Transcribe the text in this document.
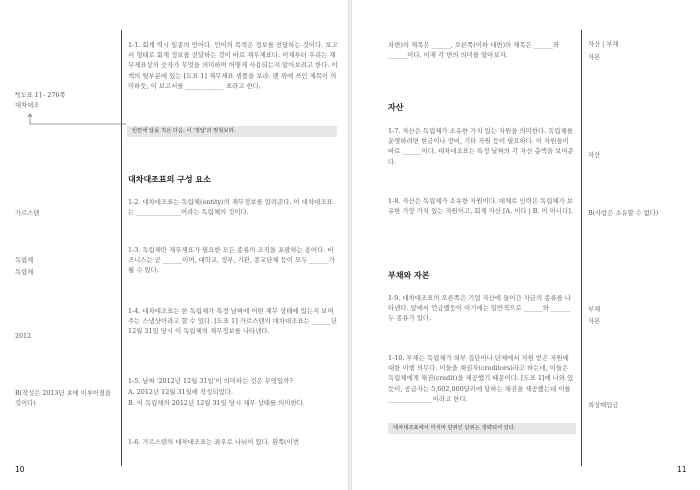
1-1. 회계 역시 일종의 언어다. 언어의 목적은 정보를 전달하는 것이다. 보고서 형태로 회계 정보를 전달하는 것이 바로 재무제표다. 이제부터 우리는 재무제표상의 숫자가 무엇을 의미하며 어떻게 사용되는지 알아보려고 한다. 이 책의 뒷부분에 있는 [도표 1] 재무제표 샘플을 보라. 맨 위에 쓰인 제목이 의미하듯, 이 보고서를 ____________ 표라고 한다.

*[도표 1] - 276쪽

대차대조

빈칸에 답을 적은 다음, 이 '정답'과 맞춰보라.

대차대조표의 구성 요소

1-2. 대차대조표는 독립체(entity)의 재무정보를 알려준다. 이 대차대조표는 ______________이라는 독립체의 것이다.

가르스텐

1-3. 독립체란 재무제표가 필요한 모든 종류의 조직을 포괄하는 용어다. 비즈니스는 곧 ______이며, 대학교, 정부, 기관, 종교단체 등이 모두 ______가 될 수 있다.

독립체

독립체

1-4. 대차대조표는 한 독립체가 특정 날짜에 어떤 재무 상태에 있는지 보여주는 스냅샷이라고 할 수 있다. [도표 1] 가르스텐의 대차대조표는 ______년 12월 31일 당시 이 독립체의 재무정보를 나타낸다.

2012

1-5. 날짜 '2012년 12월 31일'이 의미하는 것은 무엇일까?

A. 2012년 12월 31일에 작성되었다.

B. 이 독립체의 2012년 12월 31일 당시 재무 상태를 의미한다.

B(작성은 2013년 초에 이루어졌을 것이다)

1-6. 가르스텐의 대차대조표는 좌우로 나뉘어 있다. 왼쪽(이번

10

차변)의 제목은 ______, 오른쪽(이하 대변)의 제목은 ______와 ______이다. 이제 각 면의 의미를 알아보자.

자산 | 부채

자본

자산

1-7. 자산은 독립체가 소유한 가치 있는 자원을 의미한다. 독립체를 운영하려면 현금이나 장비, 기타 자원 등이 필요하다. 이 자원들이 바로 ______이다. 대차대조표는 특정 날짜의 각 자산 총액을 보여준다.

자산

1-8. 자산은 독립체가 소유한 자원이다. 대체로 인력은 독립체가 보유한 가장 가치 있는 자원이고, 회계 자산 [A. 이다 | B. 이 아니다].	B(사람은 소유할 수 없다)

부채와 자본

1-9. 대차대조표의 오른쪽은 기업 자산에 들어간 자금의 종류를 나타낸다. 앞에서 언급했듯이 여기에는 일반적으로 ______와 ______ 두 종류가 있다.

부채

자본

1-10. 부채는 독립체가 외부 집단이나 단체에서 자원 받은 자원에 대한 이행 의무다. 이들을 채권자(creditors)라고 하는데, 이들은 독립체에게 채권(credit)을 제공했기 때문이다. [도표 1]에 나와 있듯이, 공급자는 5,602,000달러에 달하는 채권을 제공했는데 이를 ______________이라고 한다.

외상매입금

대차대조표에서 마지막 단위인 단위는 생략되어 있다.

11
